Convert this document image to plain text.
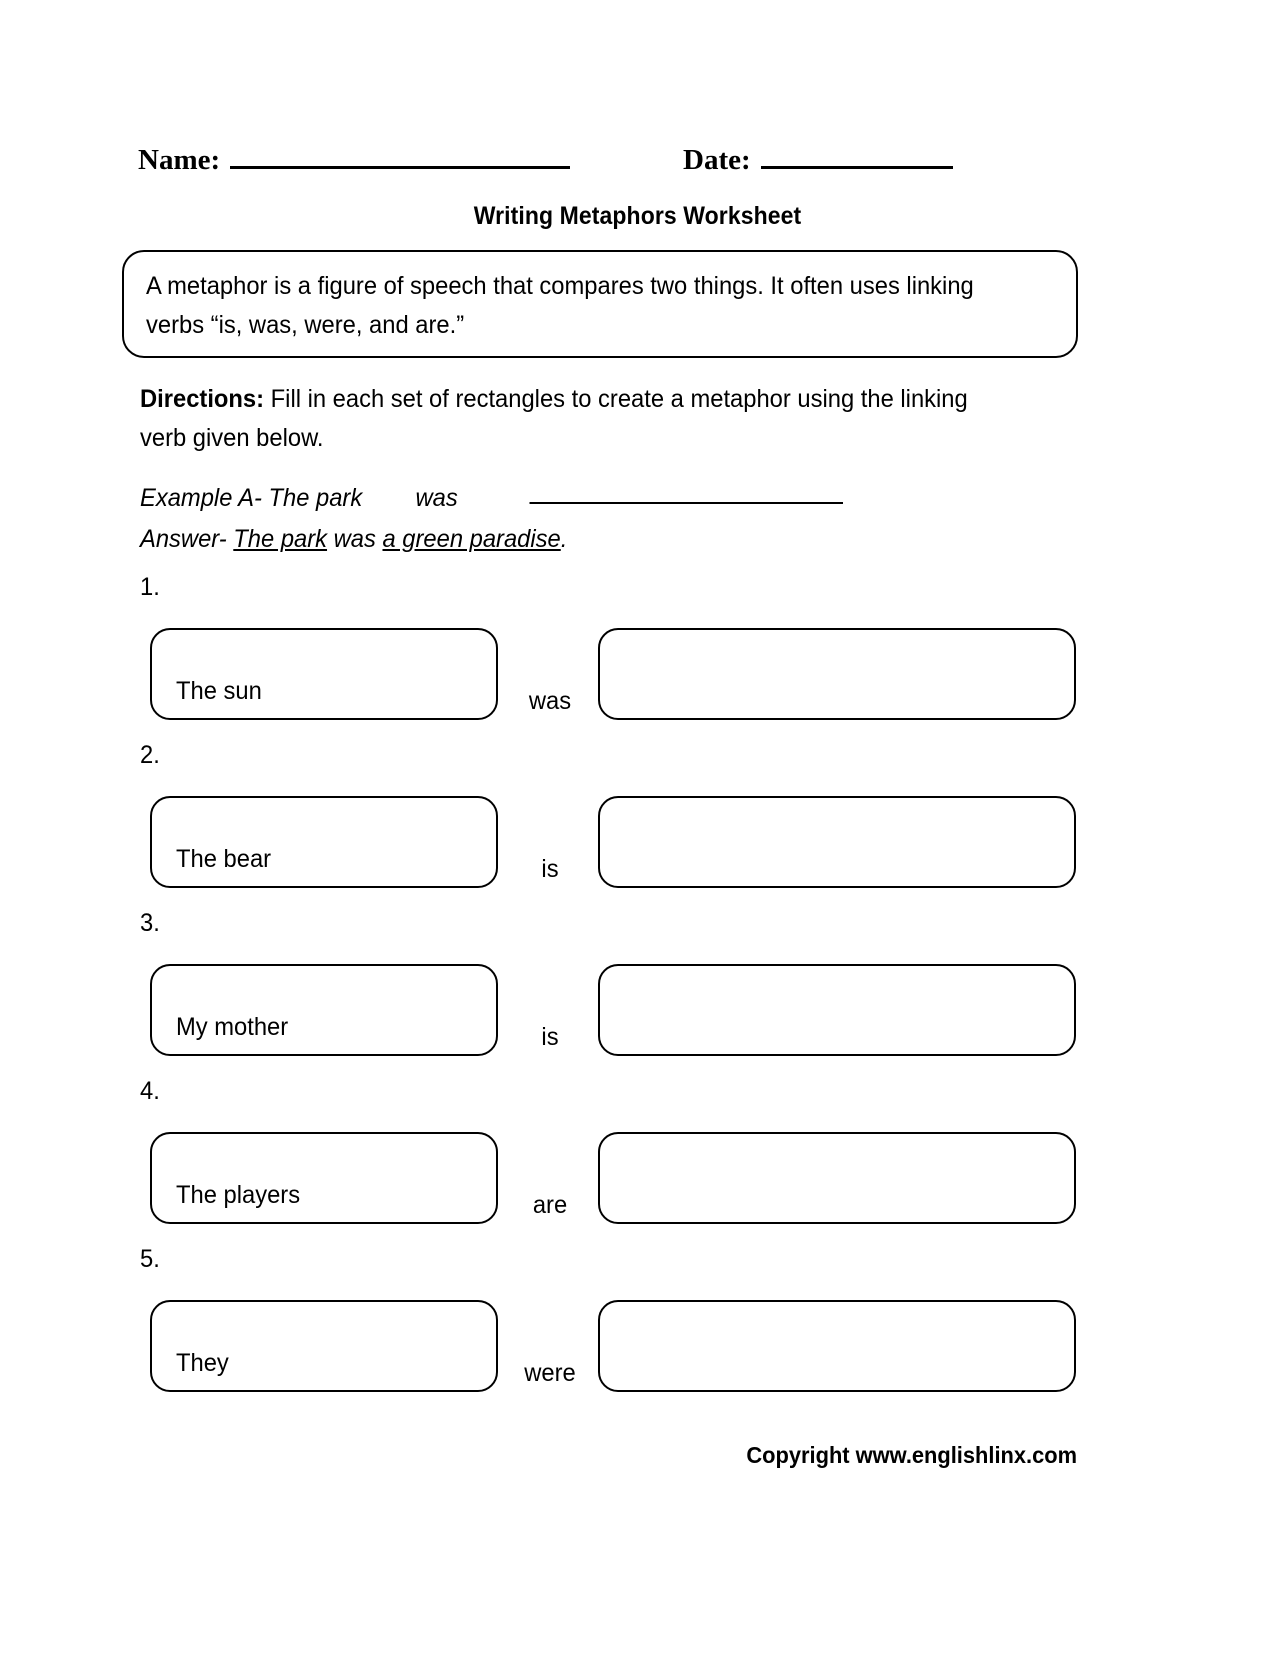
Name:	Date:
Writing Metaphors Worksheet
A metaphor is a figure of speech that compares two things. It often uses linking verbs “is, was, were, and are.”
Directions: Fill in each set of rectangles to create a metaphor using the linking verb given below.
Example A- The park was
Answer- The park was a green paradise.
1.
The sun	was
2.
The bear	is
3.
My mother	is
4.
The players	are
5.
They	were
Copyright www.englishlinx.com
